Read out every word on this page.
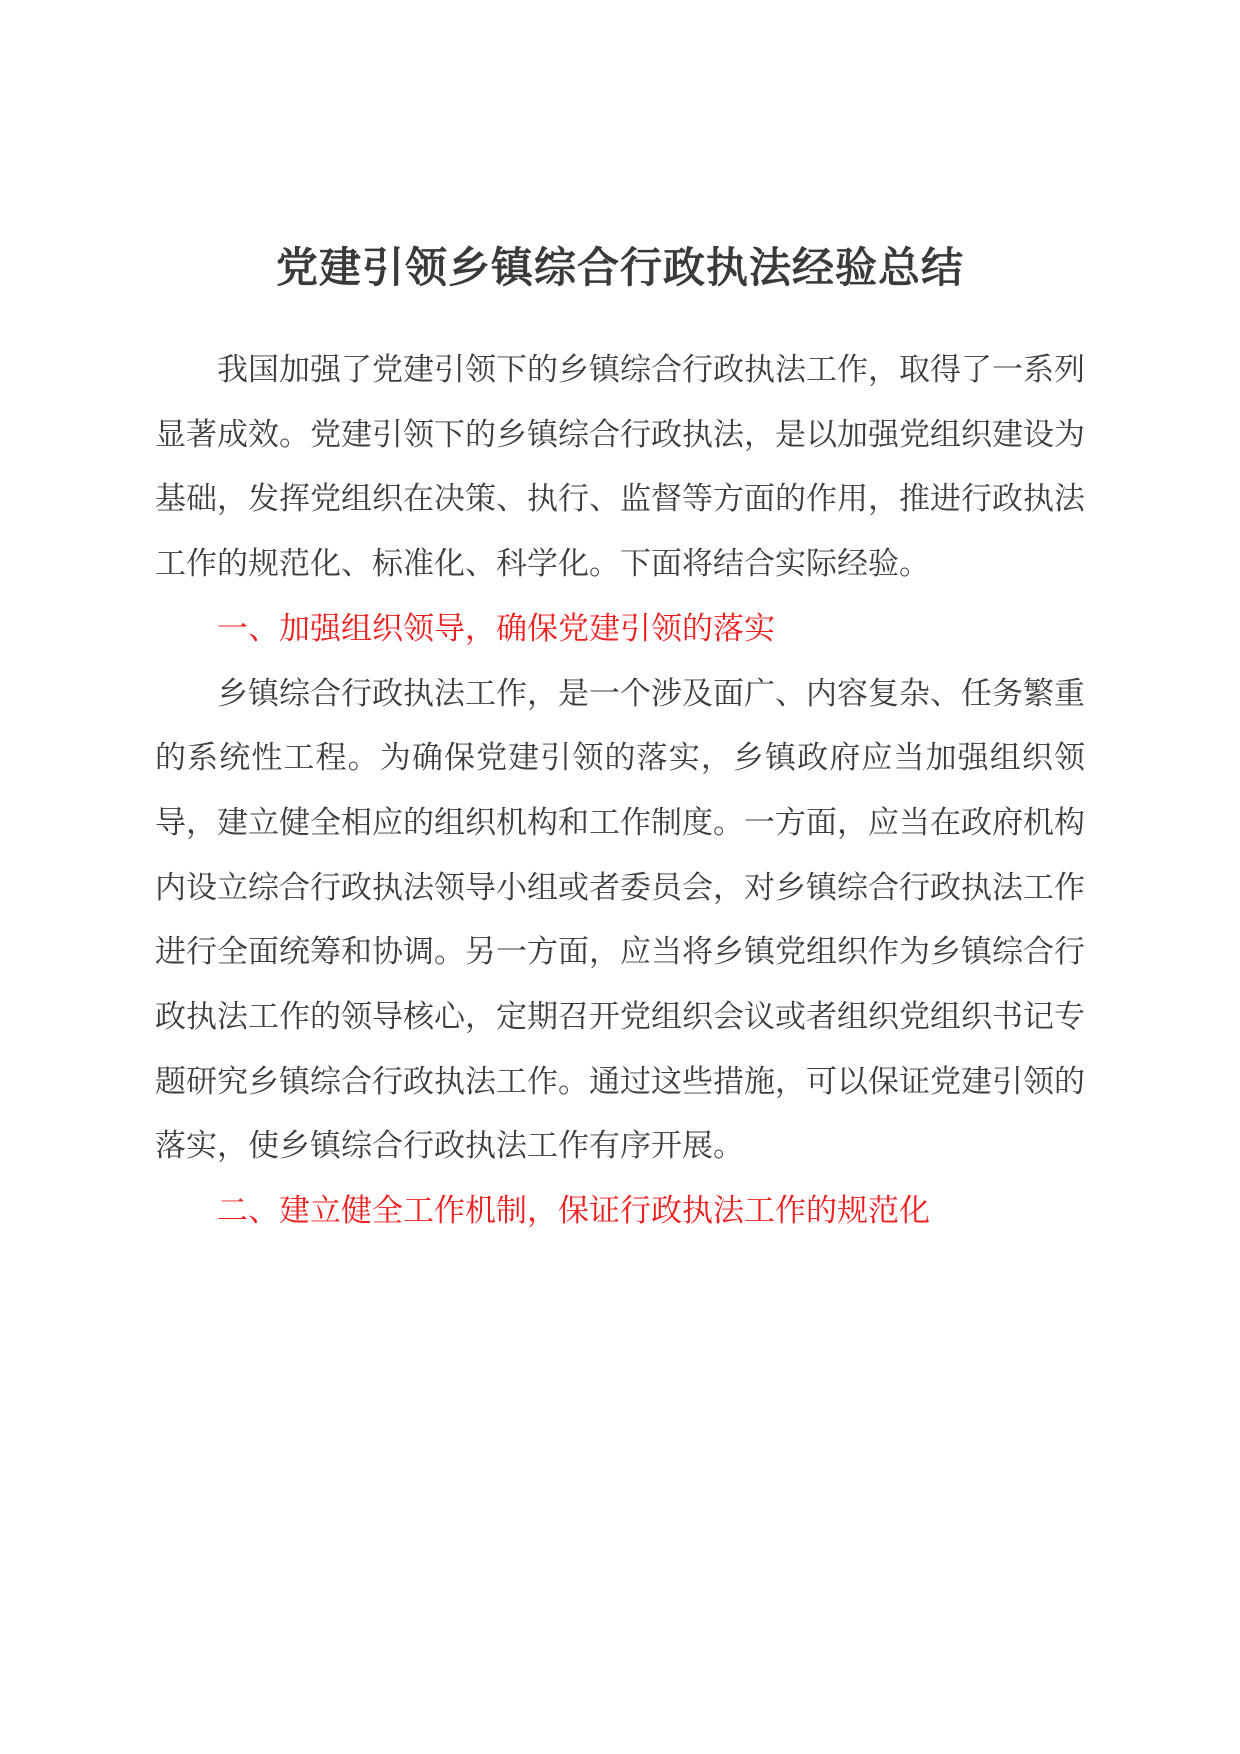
党建引领乡镇综合行政执法经验总结

我国加强了党建引领下的乡镇综合行政执法工作，取得了一系列显著成效。党建引领下的乡镇综合行政执法，是以加强党组织建设为基础，发挥党组织在决策、执行、监督等方面的作用，推进行政执法工作的规范化、标准化、科学化。下面将结合实际经验。

一、加强组织领导，确保党建引领的落实

乡镇综合行政执法工作，是一个涉及面广、内容复杂、任务繁重的系统性工程。为确保党建引领的落实，乡镇政府应当加强组织领导，建立健全相应的组织机构和工作制度。一方面，应当在政府机构内设立综合行政执法领导小组或者委员会，对乡镇综合行政执法工作进行全面统筹和协调。另一方面，应当将乡镇党组织作为乡镇综合行政执法工作的领导核心，定期召开党组织会议或者组织党组织书记专题研究乡镇综合行政执法工作。通过这些措施，可以保证党建引领的落实，使乡镇综合行政执法工作有序开展。

二、建立健全工作机制，保证行政执法工作的规范化
